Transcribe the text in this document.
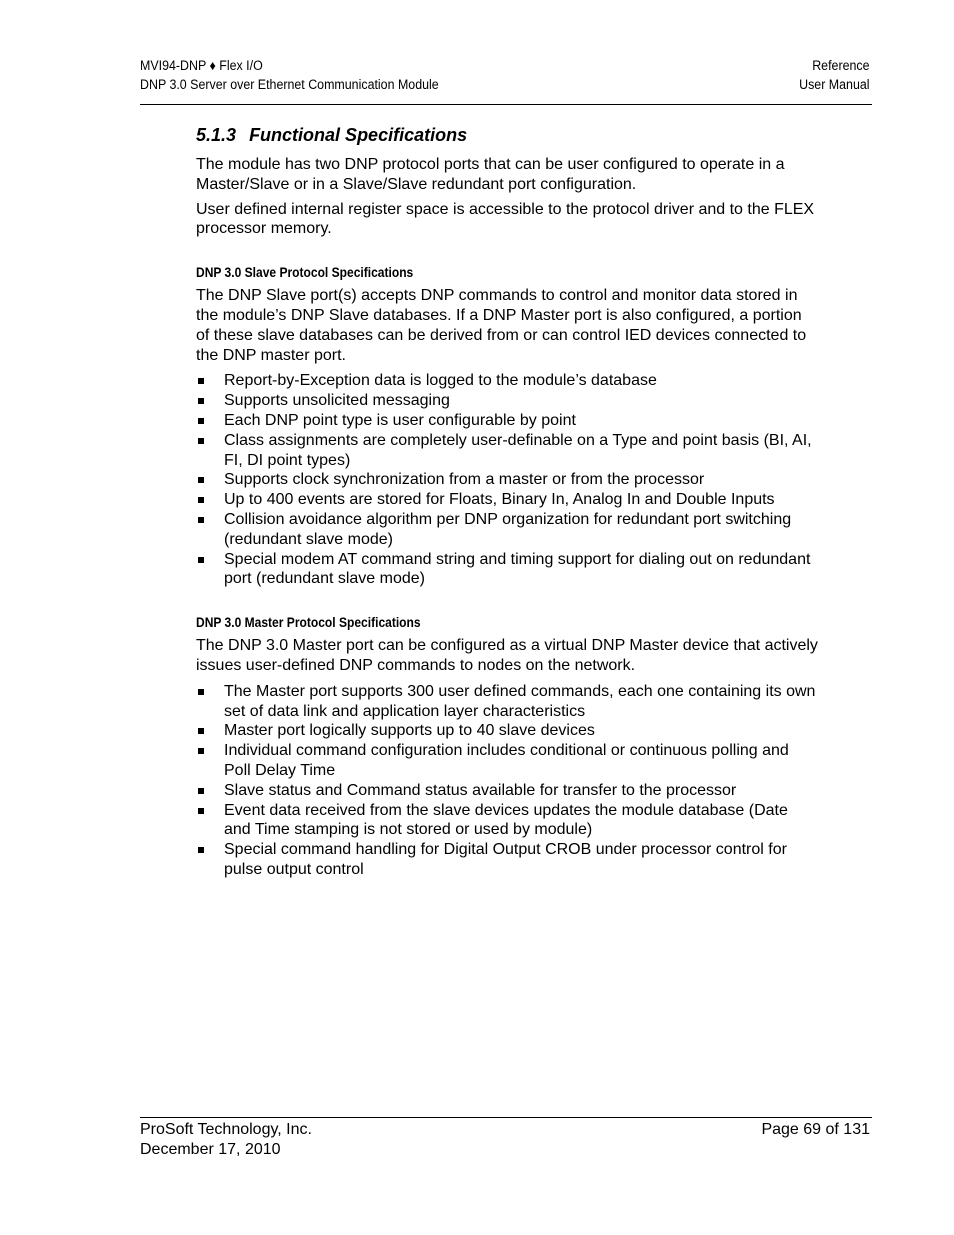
MVI94-DNP ♦ Flex I/O
DNP 3.0 Server over Ethernet Communication Module
Reference
User Manual
5.1.3 Functional Specifications

The module has two DNP protocol ports that can be user configured to operate in a Master/Slave or in a Slave/Slave redundant port configuration.

User defined internal register space is accessible to the protocol driver and to the FLEX processor memory.

DNP 3.0 Slave Protocol Specifications

The DNP Slave port(s) accepts DNP commands to control and monitor data stored in the module’s DNP Slave databases. If a DNP Master port is also configured, a portion of these slave databases can be derived from or can control IED devices connected to the DNP master port.

Report-by-Exception data is logged to the module’s database
Supports unsolicited messaging
Each DNP point type is user configurable by point
Class assignments are completely user-definable on a Type and point basis (BI, AI, FI, DI point types)
Supports clock synchronization from a master or from the processor
Up to 400 events are stored for Floats, Binary In, Analog In and Double Inputs
Collision avoidance algorithm per DNP organization for redundant port switching (redundant slave mode)
Special modem AT command string and timing support for dialing out on redundant port (redundant slave mode)
DNP 3.0 Master Protocol Specifications

The DNP 3.0 Master port can be configured as a virtual DNP Master device that actively issues user-defined DNP commands to nodes on the network.

The Master port supports 300 user defined commands, each one containing its own set of data link and application layer characteristics
Master port logically supports up to 40 slave devices
Individual command configuration includes conditional or continuous polling and Poll Delay Time
Slave status and Command status available for transfer to the processor
Event data received from the slave devices updates the module database (Date and Time stamping is not stored or used by module)
Special command handling for Digital Output CROB under processor control for pulse output control
ProSoft Technology, Inc.
December 17, 2010
Page 69 of 131
